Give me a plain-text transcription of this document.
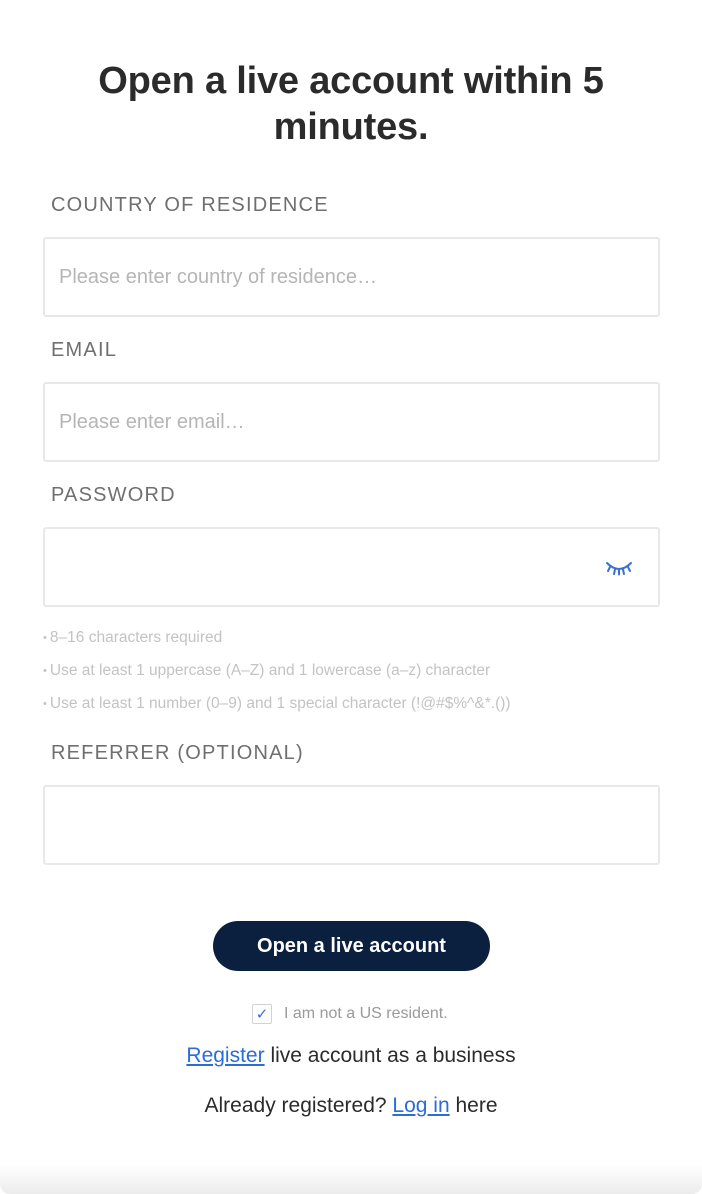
Open a live account within 5 minutes.
COUNTRY OF RESIDENCE
Please enter country of residence…
EMAIL
Please enter email…
PASSWORD
• 8–16 characters required
• Use at least 1 uppercase (A–Z) and 1 lowercase (a–z) character
• Use at least 1 number (0–9) and 1 special character (!@#$%^&*.())
REFERRER (OPTIONAL)
Open a live account
✓ I am not a US resident.
Register live account as a business
Already registered? Log in here
